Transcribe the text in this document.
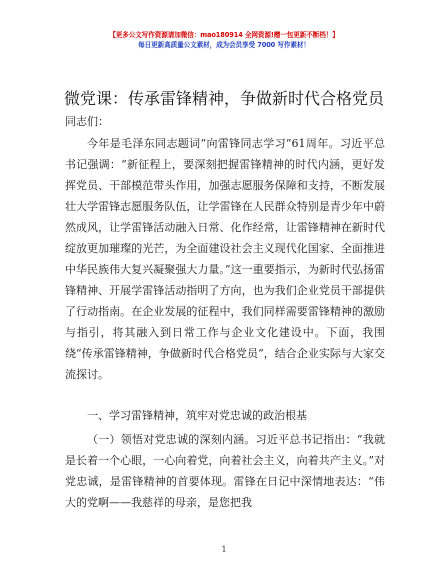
【更多公文写作资源请加微信：mao180914 全网资源!赠一包更新不断档！】
每日更新高质量公文素材，成为会员享受 7000 写作素材！
微党课：传承雷锋精神，争做新时代合格党员

同志们：

今年是毛泽东同志题词“向雷锋同志学习”61周年。习近平总书记强调：“新征程上，要深刻把握雷锋精神的时代内涵，更好发挥党员、干部模范带头作用，加强志愿服务保障和支持，不断发展壮大学雷锋志愿服务队伍，让学雷锋在人民群众特别是青少年中蔚然成风，让学雷锋活动融入日常、化作经常，让雷锋精神在新时代绽放更加璀璨的光芒，为全面建设社会主义现代化国家、全面推进中华民族伟大复兴凝聚强大力量。”这一重要指示，为新时代弘扬雷锋精神、开展学雷锋活动指明了方向，也为我们企业党员干部提供了行动指南。在企业发展的征程中，我们同样需要雷锋精神的激励与指引，将其融入到日常工作与企业文化建设中。下面，我围绕“传承雷锋精神，争做新时代合格党员”，结合企业实际与大家交流探讨。

一、学习雷锋精神，筑牢对党忠诚的政治根基

（一）领悟对党忠诚的深刻内涵。习近平总书记指出：“我就是长着一个心眼，一心向着党，向着社会主义，向着共产主义。”对党忠诚，是雷锋精神的首要体现。雷锋在日记中深情地表达：“伟大的党啊——我慈祥的母亲，是您把我

1
